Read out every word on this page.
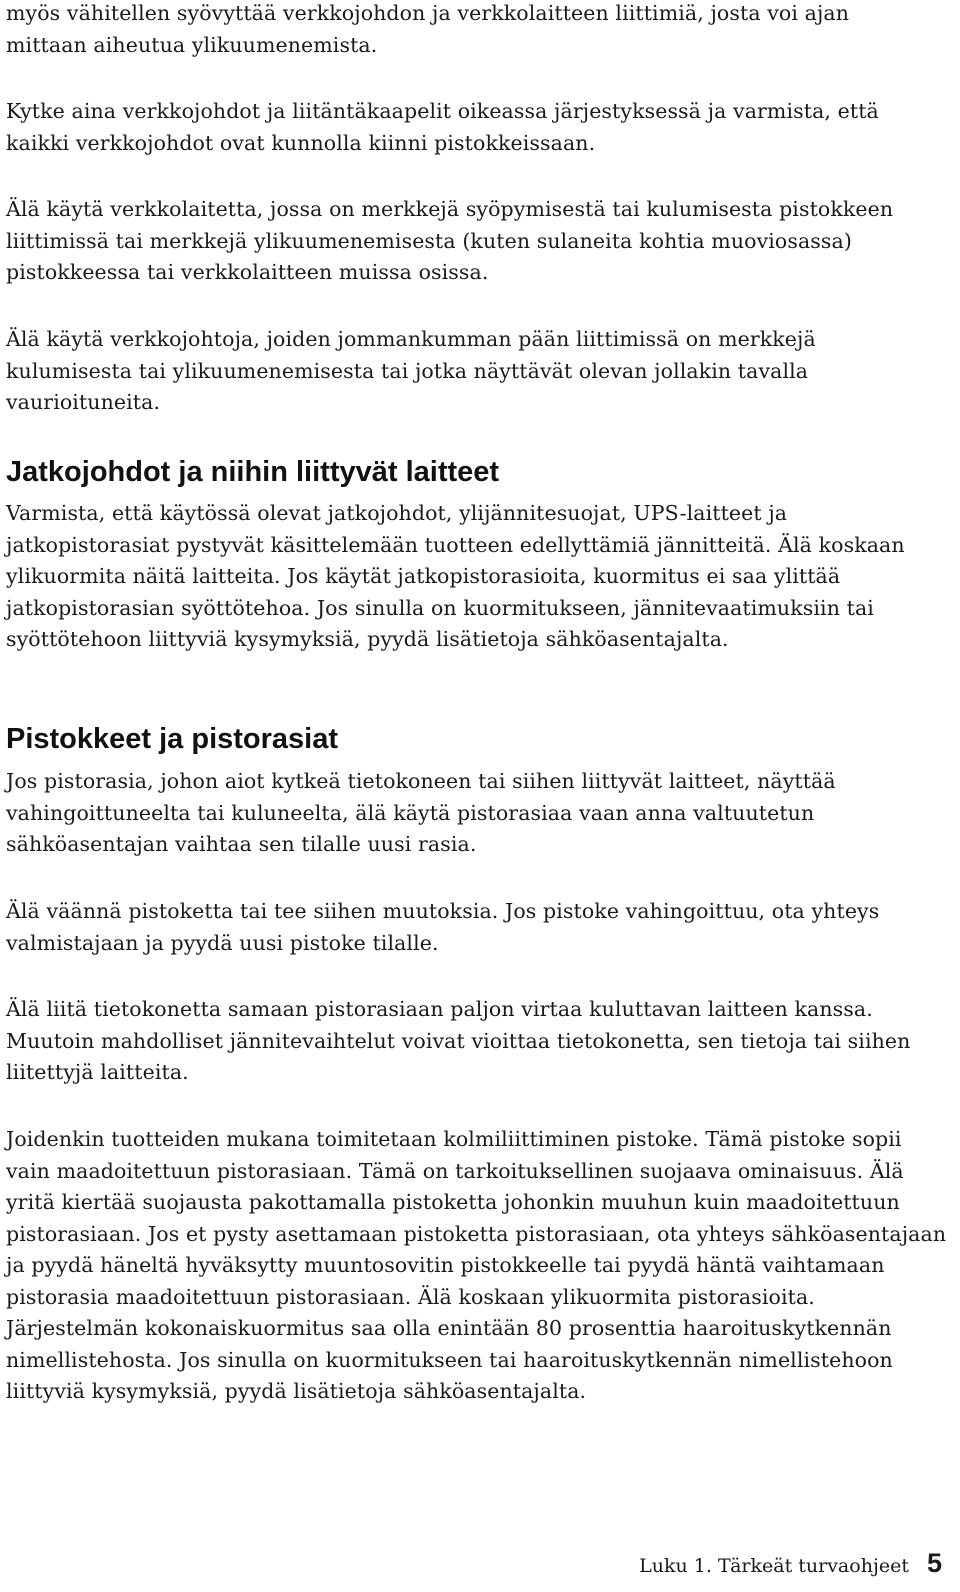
myös vähitellen syövyttää verkkojohdon ja verkkolaitteen liittimiä, josta voi ajan mittaan aiheutua ylikuumenemista.

Kytke aina verkkojohdot ja liitäntäkaapelit oikeassa järjestyksessä ja varmista, että kaikki verkkojohdot ovat kunnolla kiinni pistokkeissaan.

Älä käytä verkkolaitetta, jossa on merkkejä syöpymisestä tai kulumisesta pistokkeen liittimissä tai merkkejä ylikuumenemisesta (kuten sulaneita kohtia muoviosassa) pistokkeessa tai verkkolaitteen muissa osissa.

Älä käytä verkkojohtoja, joiden jommankumman pään liittimissä on merkkejä kulumisesta tai ylikuumenemisesta tai jotka näyttävät olevan jollakin tavalla vaurioituneita.

Jatkojohdot ja niihin liittyvät laitteet

Varmista, että käytössä olevat jatkojohdot, ylijännitesuojat, UPS-laitteet ja jatkopistorasiat pystyvät käsittelemään tuotteen edellyttämiä jännitteitä. Älä koskaan ylikuormita näitä laitteita. Jos käytät jatkopistorasioita, kuormitus ei saa ylittää jatkopistorasian syöttötehoa. Jos sinulla on kuormitukseen, jännitevaatimuksiin tai syöttötehoon liittyviä kysymyksiä, pyydä lisätietoja sähköasentajalta.

Pistokkeet ja pistorasiat

Jos pistorasia, johon aiot kytkeä tietokoneen tai siihen liittyvät laitteet, näyttää vahingoittuneelta tai kuluneelta, älä käytä pistorasiaa vaan anna valtuutetun sähköasentajan vaihtaa sen tilalle uusi rasia.

Älä väännä pistoketta tai tee siihen muutoksia. Jos pistoke vahingoittuu, ota yhteys valmistajaan ja pyydä uusi pistoke tilalle.

Älä liitä tietokonetta samaan pistorasiaan paljon virtaa kuluttavan laitteen kanssa. Muutoin mahdolliset jännitevaihtelut voivat vioittaa tietokonetta, sen tietoja tai siihen liitettyjä laitteita.

Joidenkin tuotteiden mukana toimitetaan kolmiliittiminen pistoke. Tämä pistoke sopii vain maadoitettuun pistorasiaan. Tämä on tarkoituksellinen suojaava ominaisuus. Älä yritä kiertää suojausta pakottamalla pistoketta johonkin muuhun kuin maadoitettuun pistorasiaan. Jos et pysty asettamaan pistoketta pistorasiaan, ota yhteys sähköasentajaan ja pyydä häneltä hyväksytty muuntosovitin pistokkeelle tai pyydä häntä vaihtamaan pistorasia maadoitettuun pistorasiaan. Älä koskaan ylikuormita pistorasioita. Järjestelmän kokonaiskuormitus saa olla enintään 80 prosenttia haaroituskytkennän nimellistehosta. Jos sinulla on kuormitukseen tai haaroituskytkennän nimellistehoon liittyviä kysymyksiä, pyydä lisätietoja sähköasentajalta.

Luku 1. Tärkeät turvaohjeet 5
